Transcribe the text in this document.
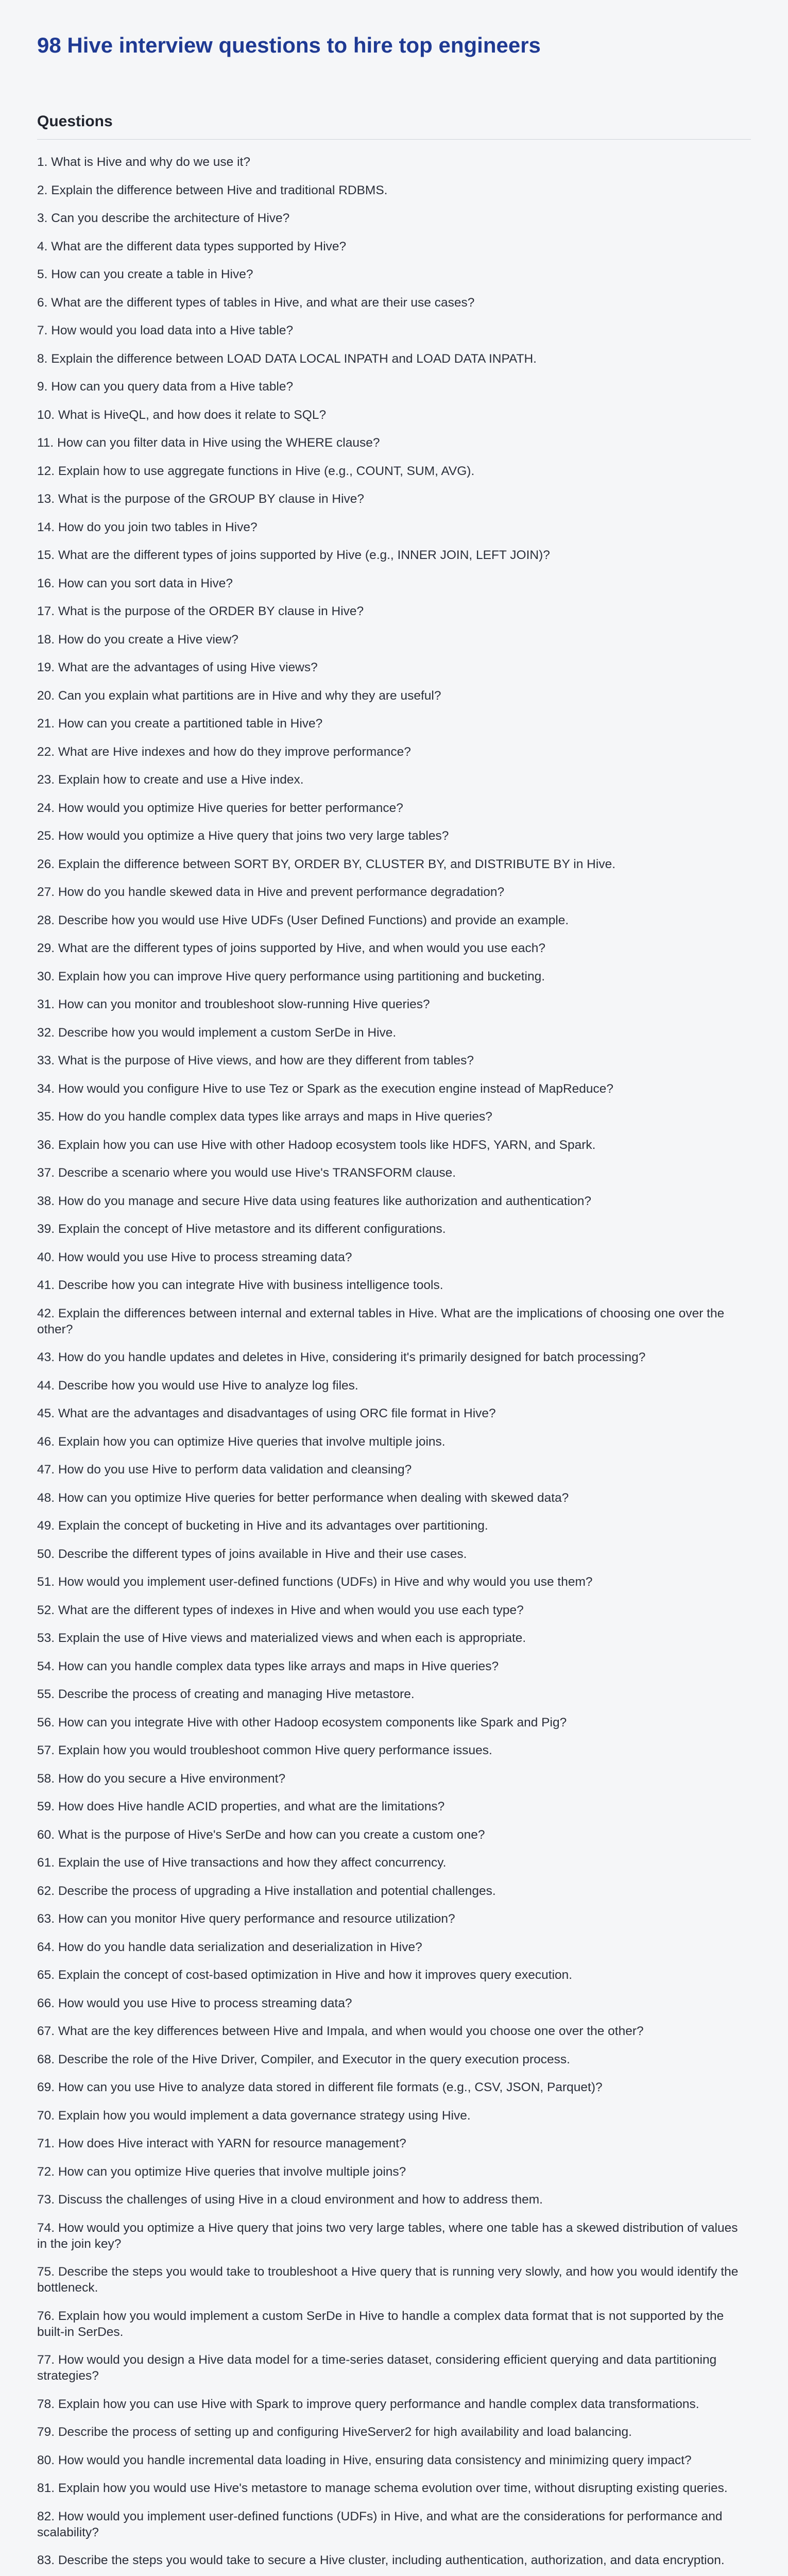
98 Hive interview questions to hire top engineers
Questions
1. What is Hive and why do we use it?
2. Explain the difference between Hive and traditional RDBMS.
3. Can you describe the architecture of Hive?
4. What are the different data types supported by Hive?
5. How can you create a table in Hive?
6. What are the different types of tables in Hive, and what are their use cases?
7. How would you load data into a Hive table?
8. Explain the difference between LOAD DATA LOCAL INPATH and LOAD DATA INPATH.
9. How can you query data from a Hive table?
10. What is HiveQL, and how does it relate to SQL?
11. How can you filter data in Hive using the WHERE clause?
12. Explain how to use aggregate functions in Hive (e.g., COUNT, SUM, AVG).
13. What is the purpose of the GROUP BY clause in Hive?
14. How do you join two tables in Hive?
15. What are the different types of joins supported by Hive (e.g., INNER JOIN, LEFT JOIN)?
16. How can you sort data in Hive?
17. What is the purpose of the ORDER BY clause in Hive?
18. How do you create a Hive view?
19. What are the advantages of using Hive views?
20. Can you explain what partitions are in Hive and why they are useful?
21. How can you create a partitioned table in Hive?
22. What are Hive indexes and how do they improve performance?
23. Explain how to create and use a Hive index.
24. How would you optimize Hive queries for better performance?
25. How would you optimize a Hive query that joins two very large tables?
26. Explain the difference between SORT BY, ORDER BY, CLUSTER BY, and DISTRIBUTE BY in Hive.
27. How do you handle skewed data in Hive and prevent performance degradation?
28. Describe how you would use Hive UDFs (User Defined Functions) and provide an example.
29. What are the different types of joins supported by Hive, and when would you use each?
30. Explain how you can improve Hive query performance using partitioning and bucketing.
31. How can you monitor and troubleshoot slow-running Hive queries?
32. Describe how you would implement a custom SerDe in Hive.
33. What is the purpose of Hive views, and how are they different from tables?
34. How would you configure Hive to use Tez or Spark as the execution engine instead of MapReduce?
35. How do you handle complex data types like arrays and maps in Hive queries?
36. Explain how you can use Hive with other Hadoop ecosystem tools like HDFS, YARN, and Spark.
37. Describe a scenario where you would use Hive's TRANSFORM clause.
38. How do you manage and secure Hive data using features like authorization and authentication?
39. Explain the concept of Hive metastore and its different configurations.
40. How would you use Hive to process streaming data?
41. Describe how you can integrate Hive with business intelligence tools.
42. Explain the differences between internal and external tables in Hive. What are the implications of choosing one over the other?
43. How do you handle updates and deletes in Hive, considering it's primarily designed for batch processing?
44. Describe how you would use Hive to analyze log files.
45. What are the advantages and disadvantages of using ORC file format in Hive?
46. Explain how you can optimize Hive queries that involve multiple joins.
47. How do you use Hive to perform data validation and cleansing?
48. How can you optimize Hive queries for better performance when dealing with skewed data?
49. Explain the concept of bucketing in Hive and its advantages over partitioning.
50. Describe the different types of joins available in Hive and their use cases.
51. How would you implement user-defined functions (UDFs) in Hive and why would you use them?
52. What are the different types of indexes in Hive and when would you use each type?
53. Explain the use of Hive views and materialized views and when each is appropriate.
54. How can you handle complex data types like arrays and maps in Hive queries?
55. Describe the process of creating and managing Hive metastore.
56. How can you integrate Hive with other Hadoop ecosystem components like Spark and Pig?
57. Explain how you would troubleshoot common Hive query performance issues.
58. How do you secure a Hive environment?
59. How does Hive handle ACID properties, and what are the limitations?
60. What is the purpose of Hive's SerDe and how can you create a custom one?
61. Explain the use of Hive transactions and how they affect concurrency.
62. Describe the process of upgrading a Hive installation and potential challenges.
63. How can you monitor Hive query performance and resource utilization?
64. How do you handle data serialization and deserialization in Hive?
65. Explain the concept of cost-based optimization in Hive and how it improves query execution.
66. How would you use Hive to process streaming data?
67. What are the key differences between Hive and Impala, and when would you choose one over the other?
68. Describe the role of the Hive Driver, Compiler, and Executor in the query execution process.
69. How can you use Hive to analyze data stored in different file formats (e.g., CSV, JSON, Parquet)?
70. Explain how you would implement a data governance strategy using Hive.
71. How does Hive interact with YARN for resource management?
72. How can you optimize Hive queries that involve multiple joins?
73. Discuss the challenges of using Hive in a cloud environment and how to address them.
74. How would you optimize a Hive query that joins two very large tables, where one table has a skewed distribution of values in the join key?
75. Describe the steps you would take to troubleshoot a Hive query that is running very slowly, and how you would identify the bottleneck.
76. Explain how you would implement a custom SerDe in Hive to handle a complex data format that is not supported by the built-in SerDes.
77. How would you design a Hive data model for a time-series dataset, considering efficient querying and data partitioning strategies?
78. Explain how you can use Hive with Spark to improve query performance and handle complex data transformations.
79. Describe the process of setting up and configuring HiveServer2 for high availability and load balancing.
80. How would you handle incremental data loading in Hive, ensuring data consistency and minimizing query impact?
81. Explain how you would use Hive's metastore to manage schema evolution over time, without disrupting existing queries.
82. How would you implement user-defined functions (UDFs) in Hive, and what are the considerations for performance and scalability?
83. Describe the steps you would take to secure a Hive cluster, including authentication, authorization, and data encryption.
